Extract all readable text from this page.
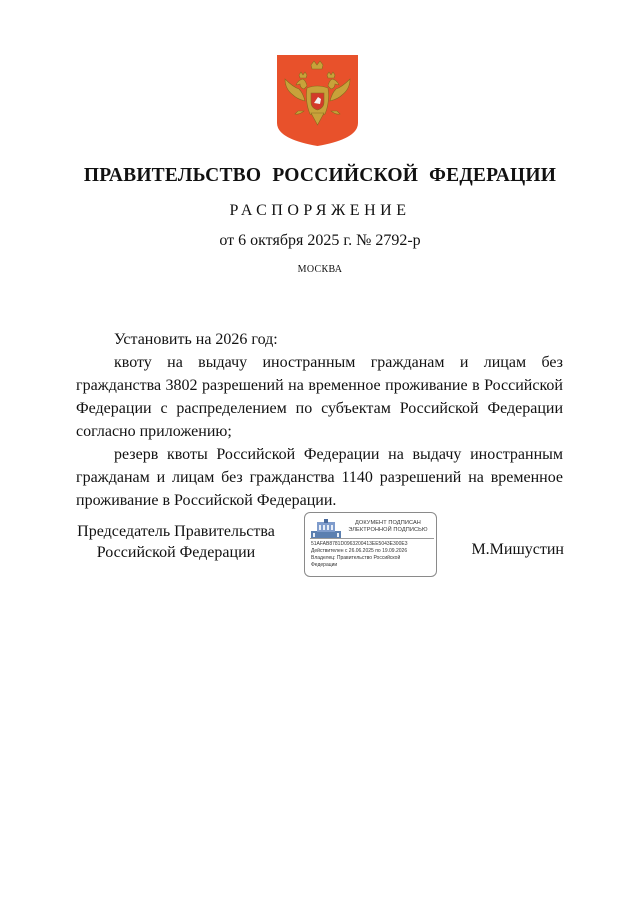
ПРАВИТЕЛЬСТВО РОССИЙСКОЙ ФЕДЕРАЦИИ
РАСПОРЯЖЕНИЕ
от 6 октября 2025 г. № 2792-р
МОСКВА

Установить на 2026 год:

квоту на выдачу иностранным гражданам и лицам без гражданства 3802 разрешений на временное проживание в Российской Федерации с распределением по субъектам Российской Федерации согласно приложению;

резерв квоты Российской Федерации на выдачу иностранным гражданам и лицам без гражданства 1140 разрешений на временное проживание в Российской Федерации.

Председатель Правительства
Российской Федерации
ДОКУМЕНТ ПОДПИСАН
ЭЛЕКТРОННОЙ ПОДПИСЬЮ
51AFAB8781D0963200413EE5043E300E3
Действителен с 26.06.2025 по 19.09.2026
Владелец: Правительство Российской
Федерации
М.Мишустин
